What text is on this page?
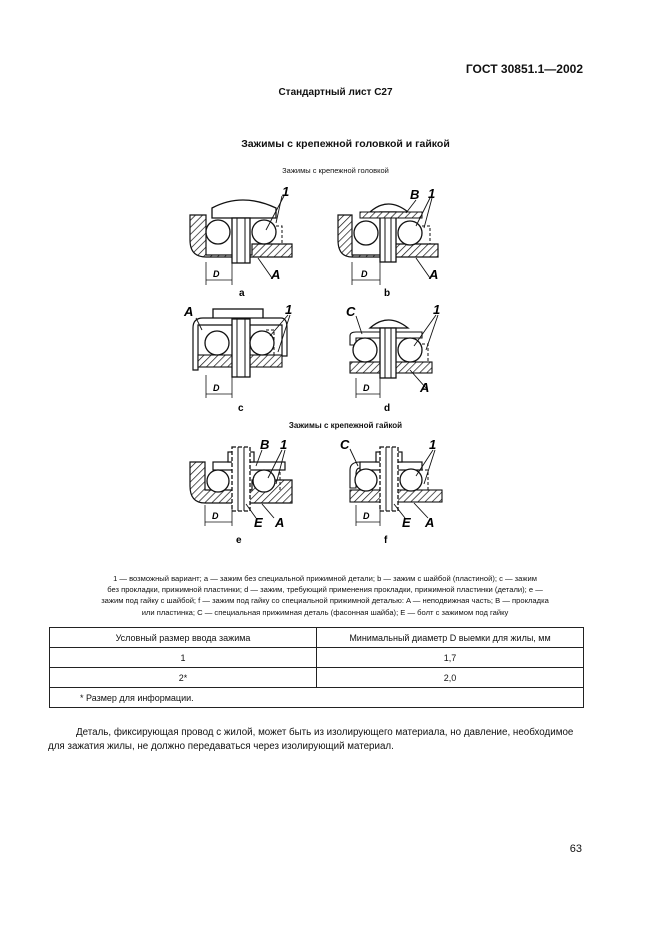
ГОСТ 30851.1—2002
Стандартный лист С27
Зажимы с крепежной головкой и гайкой
Зажимы с крепежной головкой
Зажимы с крепежной гайкой
1
A
D
a
B 1
A
D
b
A	1
D
c
C	1
A
D
d
B 1
E A
D
e
C	1
E A
D
f
1 — возможный вариант; a — зажим без специальной прижимной детали; b — зажим с шайбой (пластиной); c — зажим
без прокладки, прижимной пластинки; d — зажим, требующий применения прокладки, прижимной пластинки (детали); e —
зажим под гайку с шайбой; f — зажим под гайку со специальной прижимной деталью: A — неподвижная часть; B — прокладка
или пластинка; C — специальная прижимная деталь (фасонная шайба); E — болт с зажимом под гайку
Условный размер ввода зажима	Минимальный диаметр D выемки для жилы, мм
1	1,7
2*	2,0
* Размер для информации.	
Деталь, фиксирующая провод с жилой, может быть из изолирующего материала, но давление, необходимое для зажатия жилы, не должно передаваться через изолирующий материал.
63
